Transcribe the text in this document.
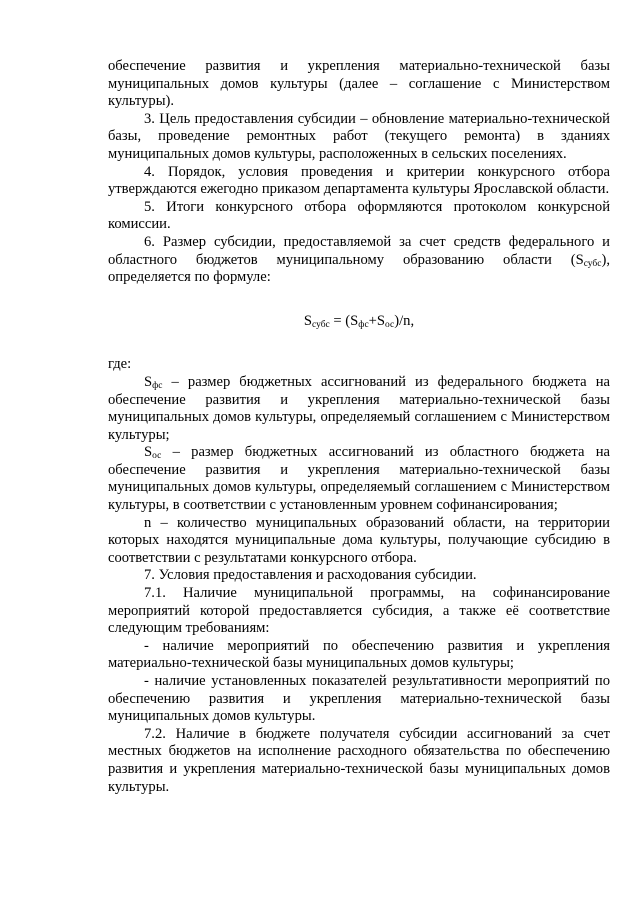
обеспечение развития и укрепления материально-технической базы муниципальных домов культуры (далее – соглашение с Министерством культуры).

3. Цель предоставления субсидии – обновление материально-технической базы, проведение ремонтных работ (текущего ремонта) в зданиях муниципальных домов культуры, расположенных в сельских поселениях.

4. Порядок, условия проведения и критерии конкурсного отбора утверждаются ежегодно приказом департамента культуры Ярославской области.

5. Итоги конкурсного отбора оформляются протоколом конкурсной комиссии.

6. Размер субсидии, предоставляемой за счет средств федерального и областного бюджетов муниципальному образованию области $(S_{субс})$, определяется по формуле:

$S_{субс} = (S_{фс}+S_{ос})/n$,

где:

$S_{фс}$ – размер бюджетных ассигнований из федерального бюджета на обеспечение развития и укрепления материально-технической базы муниципальных домов культуры, определяемый соглашением с Министерством культуры;

$S_{ос}$ – размер бюджетных ассигнований из областного бюджета на обеспечение развития и укрепления материально-технической базы муниципальных домов культуры, определяемый соглашением с Министерством культуры, в соответствии с установленным уровнем софинансирования;

n – количество муниципальных образований области, на территории которых находятся муниципальные дома культуры, получающие субсидию в соответствии с результатами конкурсного отбора.

7. Условия предоставления и расходования субсидии.

7.1. Наличие муниципальной программы, на софинансирование мероприятий которой предоставляется субсидия, а также её соответствие следующим требованиям:

- наличие мероприятий по обеспечению развития и укрепления материально-технической базы муниципальных домов культуры;

- наличие установленных показателей результативности мероприятий по обеспечению развития и укрепления материально-технической базы муниципальных домов культуры.

7.2. Наличие в бюджете получателя субсидии ассигнований за счет местных бюджетов на исполнение расходного обязательства по обеспечению развития и укрепления материально-технической базы муниципальных домов культуры.
